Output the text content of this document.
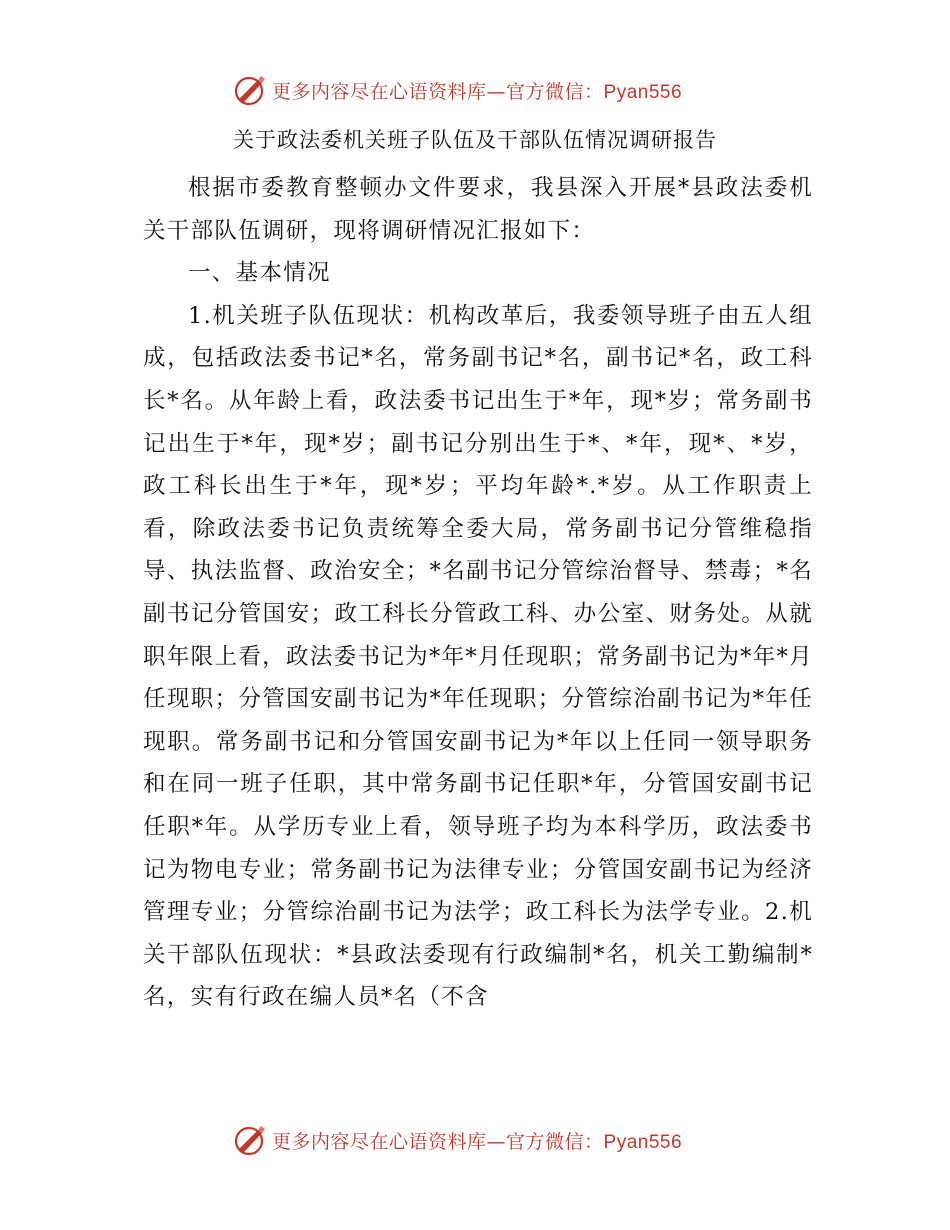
更多内容尽在心语资料库—官方微信：Pyan556
关于政法委机关班子队伍及干部队伍情况调研报告

根据市委教育整顿办文件要求，我县深入开展*县政法委机关干部队伍调研，现将调研情况汇报如下：

一、基本情况

1.机关班子队伍现状：机构改革后，我委领导班子由五人组成，包括政法委书记*名，常务副书记*名，副书记*名，政工科长*名。从年龄上看，政法委书记出生于*年，现*岁；常务副书记出生于*年，现*岁；副书记分别出生于*、*年，现*、*岁，政工科长出生于*年，现*岁；平均年龄*.*岁。从工作职责上看，除政法委书记负责统筹全委大局，常务副书记分管维稳指导、执法监督、政治安全；*名副书记分管综治督导、禁毒；*名副书记分管国安；政工科长分管政工科、办公室、财务处。从就职年限上看，政法委书记为*年*月任现职；常务副书记为*年*月任现职；分管国安副书记为*年任现职；分管综治副书记为*年任现职。常务副书记和分管国安副书记为*年以上任同一领导职务和在同一班子任职，其中常务副书记任职*年，分管国安副书记任职*年。从学历专业上看，领导班子均为本科学历，政法委书记为物电专业；常务副书记为法律专业；分管国安副书记为经济管理专业；分管综治副书记为法学；政工科长为法学专业。2.机关干部队伍现状：*县政法委现有行政编制*名，机关工勤编制*名，实有行政在编人员*名（不含

更多内容尽在心语资料库—官方微信：Pyan556
